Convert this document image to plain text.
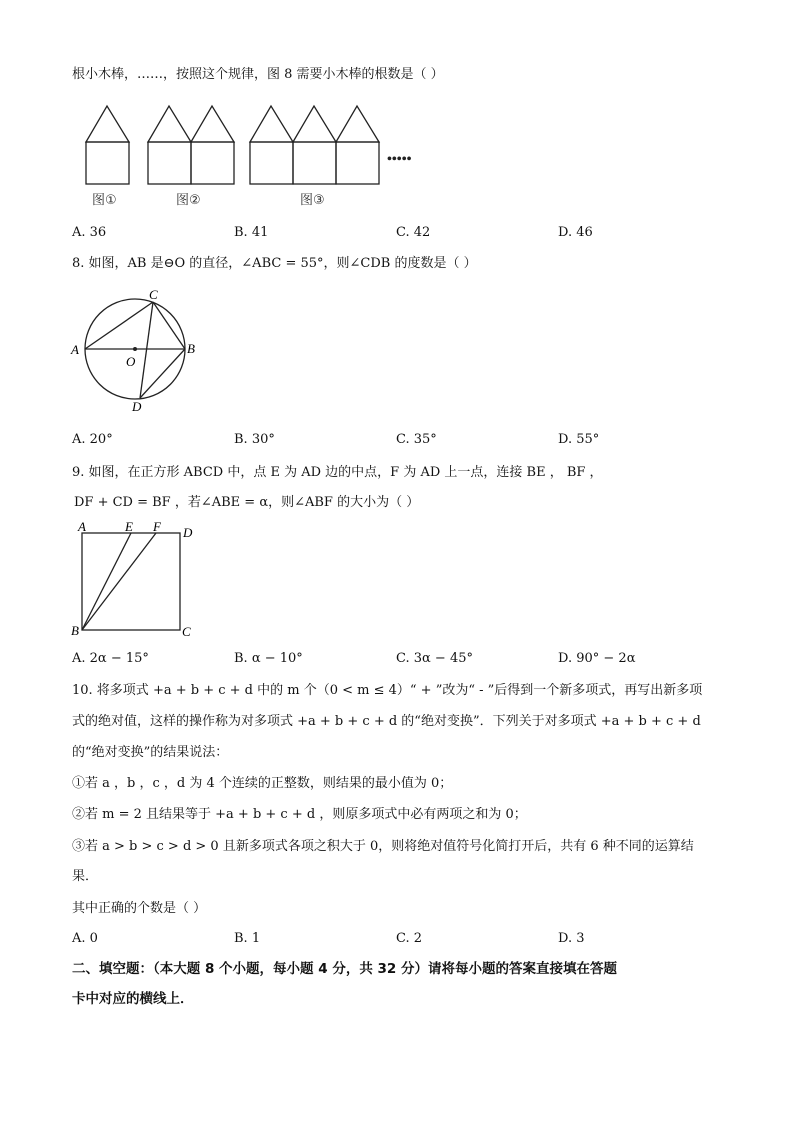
根小木棒，……，按照这个规律，图 8 需要小木棒的根数是（ ）
•••••
图①	图②	图③
A. 36	B. 41	C. 42	D. 46
8. 如图，AB 是⊖O 的直径，∠ABC = 55°，则∠CDB 的度数是（ ）
A	B
C
D
O
A. 20°	B. 30°	C. 35°	D. 55°
9. 如图，在正方形 ABCD 中，点 E 为 AD 边的中点，F 为 AD 上一点，连接 BE ， BF ，
DF + CD = BF ，若∠ABE = α，则∠ABF 的大小为（ ）
A	E F D
B	C
A. 2α − 15°	B. α − 10°	C. 3α − 45°	D. 90° − 2α
10. 将多项式 +a + b + c + d 中的 m 个（0 < m ≤ 4）“ + ”改为“ - ”后得到一个新多项式，再写出新多项
式的绝对值，这样的操作称为对多项式 +a + b + c + d 的“绝对变换”．下列关于对多项式 +a + b + c + d
的“绝对变换”的结果说法：
①若 a ，b ，c ，d 为 4 个连续的正整数，则结果的最小值为 0；
②若 m = 2 且结果等于 +a + b + c + d ，则原多项式中必有两项之和为 0；
③若 a > b > c > d > 0 且新多项式各项之积大于 0，则将绝对值符号化简打开后，共有 6 种不同的运算结
果．
其中正确的个数是（ ）
A. 0	B. 1	C. 2	D. 3
二、填空题：（本大题 8 个小题，每小题 4 分，共 32 分）请将每小题的答案直接填在答题
卡中对应的横线上．
